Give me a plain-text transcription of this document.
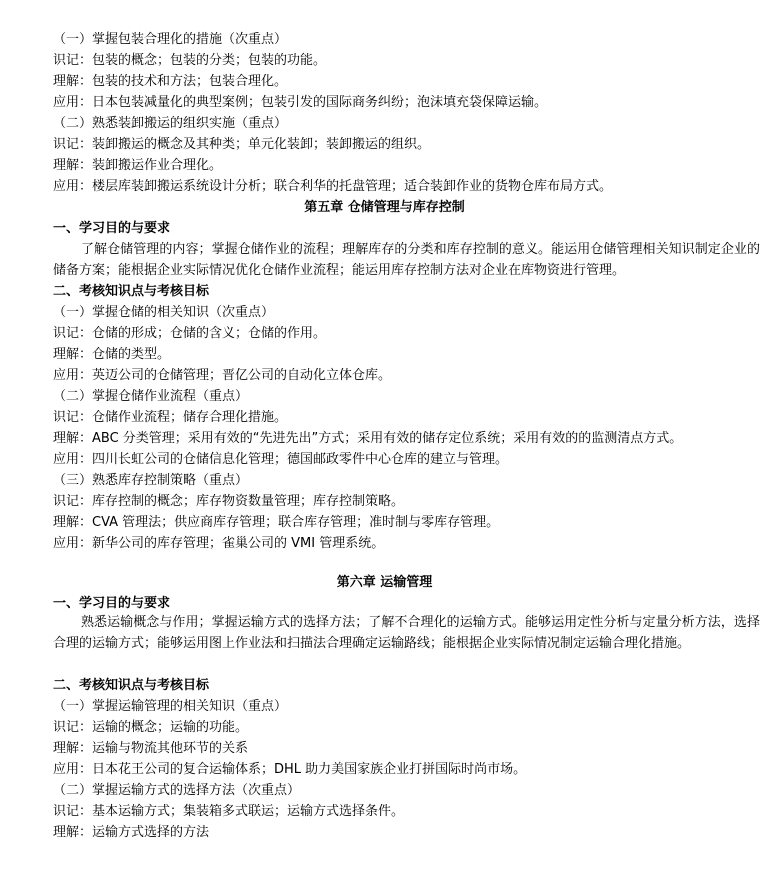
（一）掌握包装合理化的措施（次重点）
识记：包装的概念；包装的分类；包装的功能。
理解：包装的技术和方法；包装合理化。
应用：日本包装减量化的典型案例；包装引发的国际商务纠纷；泡沫填充袋保障运输。
（二）熟悉装卸搬运的组织实施（重点）
识记：装卸搬运的概念及其种类；单元化装卸；装卸搬运的组织。
理解：装卸搬运作业合理化。
应用：楼层库装卸搬运系统设计分析；联合利华的托盘管理；适合装卸作业的货物仓库布局方式。
第五章 仓储管理与库存控制
一、学习目的与要求
了解仓储管理的内容；掌握仓储作业的流程；理解库存的分类和库存控制的意义。能运用仓储管理相关知识制定企业的储备方案；能根据企业实际情况优化仓储作业流程；能运用库存控制方法对企业在库物资进行管理。
二、考核知识点与考核目标
（一）掌握仓储的相关知识（次重点）
识记：仓储的形成；仓储的含义；仓储的作用。
理解：仓储的类型。
应用：英迈公司的仓储管理；晋亿公司的自动化立体仓库。
（二）掌握仓储作业流程（重点）
识记：仓储作业流程；储存合理化措施。
理解：ABC 分类管理；采用有效的“先进先出”方式；采用有效的储存定位系统；采用有效的的监测清点方式。
应用：四川长虹公司的仓储信息化管理；德国邮政零件中心仓库的建立与管理。
（三）熟悉库存控制策略（重点）
识记：库存控制的概念；库存物资数量管理；库存控制策略。
理解：CVA 管理法；供应商库存管理；联合库存管理；准时制与零库存管理。
应用：新华公司的库存管理；雀巢公司的 VMI 管理系统。
第六章 运输管理
一、学习目的与要求
熟悉运输概念与作用；掌握运输方式的选择方法；了解不合理化的运输方式。能够运用定性分析与定量分析方法，选择合理的运输方式；能够运用图上作业法和扫描法合理确定运输路线；能根据企业实际情况制定运输合理化措施。
二、考核知识点与考核目标
（一）掌握运输管理的相关知识（重点）
识记：运输的概念；运输的功能。
理解：运输与物流其他环节的关系
应用：日本花王公司的复合运输体系；DHL 助力美国家族企业打拼国际时尚市场。
（二）掌握运输方式的选择方法（次重点）
识记：基本运输方式；集装箱多式联运；运输方式选择条件。
理解：运输方式选择的方法
